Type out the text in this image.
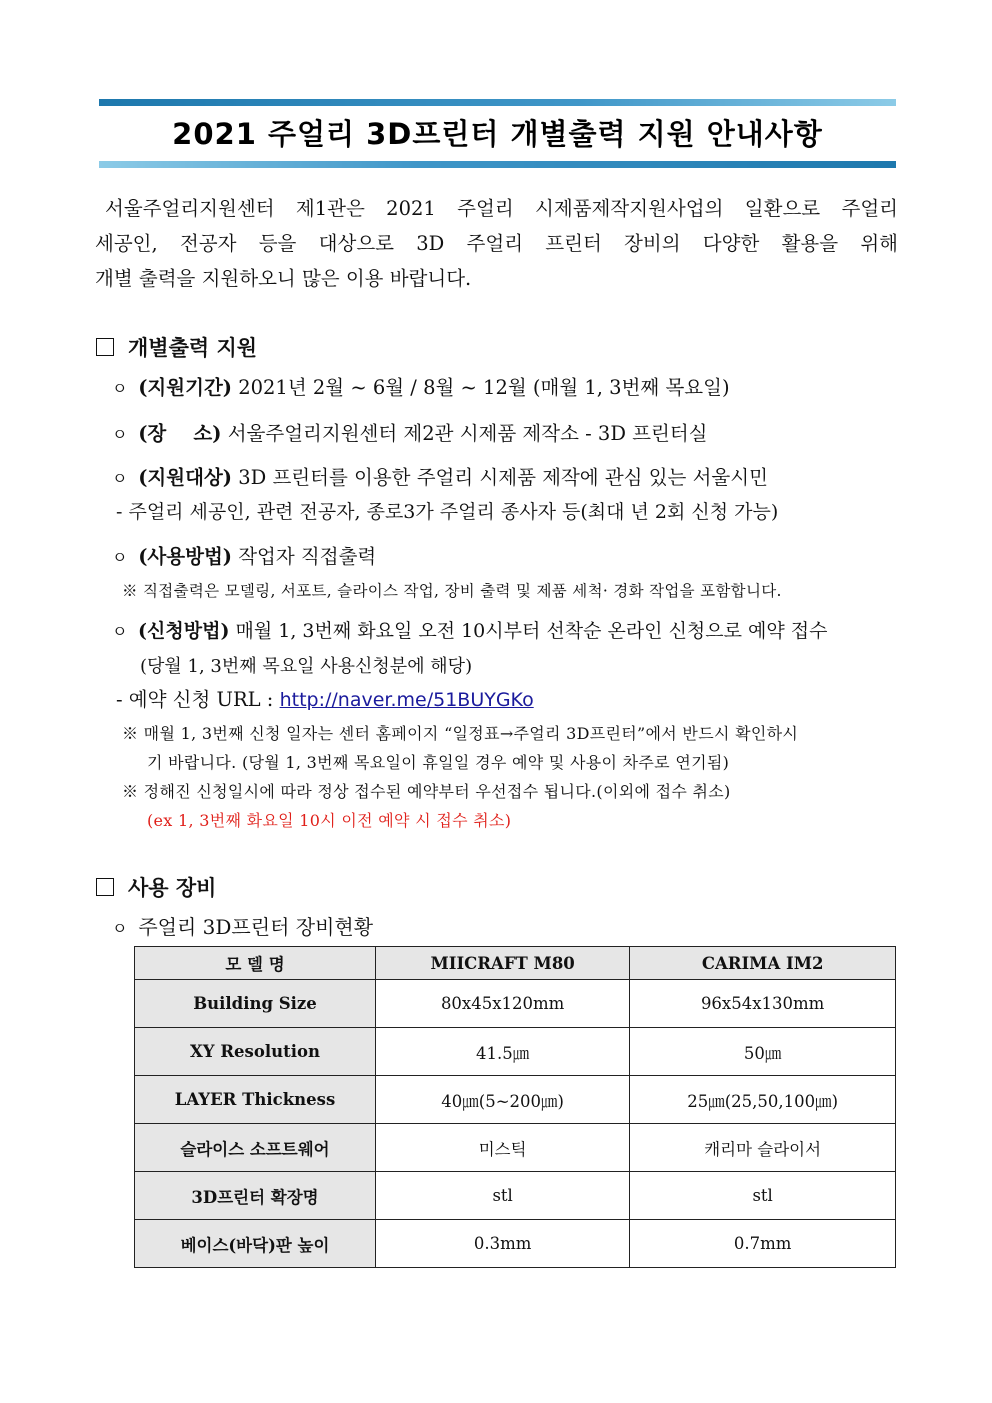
2021 주얼리 3D프린터 개별출력 지원 안내사항
서울주얼리지원센터 제1관은 2021 주얼리 시제품제작지원사업의 일환으로 주얼리
세공인, 전공자 등을 대상으로 3D 주얼리 프린터 장비의 다양한 활용을 위해
개별 출력을 지원하오니 많은 이용 바랍니다.
개별출력 지원
ㅇ (지원기간) 2021년 2월 ~ 6월 / 8월 ~ 12월 (매월 1, 3번째 목요일)
ㅇ (장    소) 서울주얼리지원센터 제2관 시제품 제작소 - 3D 프린터실
ㅇ (지원대상) 3D 프린터를 이용한 주얼리 시제품 제작에 관심 있는 서울시민
- 주얼리 세공인, 관련 전공자, 종로3가 주얼리 종사자 등(최대 년 2회 신청 가능)
ㅇ (사용방법) 작업자 직접출력
※ 직접출력은 모델링, 서포트, 슬라이스 작업, 장비 출력 및 제품 세척· 경화 작업을 포함합니다.
ㅇ (신청방법) 매월 1, 3번째 화요일 오전 10시부터 선착순 온라인 신청으로 예약 접수
(당월 1, 3번째 목요일 사용신청분에 해당)
- 예약 신청 URL : http://naver.me/51BUYGKo
※ 매월 1, 3번째 신청 일자는 센터 홈페이지 “일정표→주얼리 3D프린터”에서 반드시 확인하시
기 바랍니다. (당월 1, 3번째 목요일이 휴일일 경우 예약 및 사용이 차주로 연기됨)
※ 정해진 신청일시에 따라 정상 접수된 예약부터 우선접수 됩니다.(이외에 접수 취소)
(ex 1, 3번째 화요일 10시 이전 예약 시 접수 취소)
사용 장비
ㅇ 주얼리 3D프린터 장비현황
모 델 명	MIICRAFT M80	CARIMA IM2
Building Size	80x45x120mm	96x54x130mm
XY Resolution	41.5㎛	50㎛
LAYER Thickness	40㎛(5~200㎛)	25㎛(25,50,100㎛)
슬라이스 소프트웨어	미스틱	캐리마 슬라이서
3D프린터 확장명	stl	stl
베이스(바닥)판 높이	0.3mm	0.7mm
